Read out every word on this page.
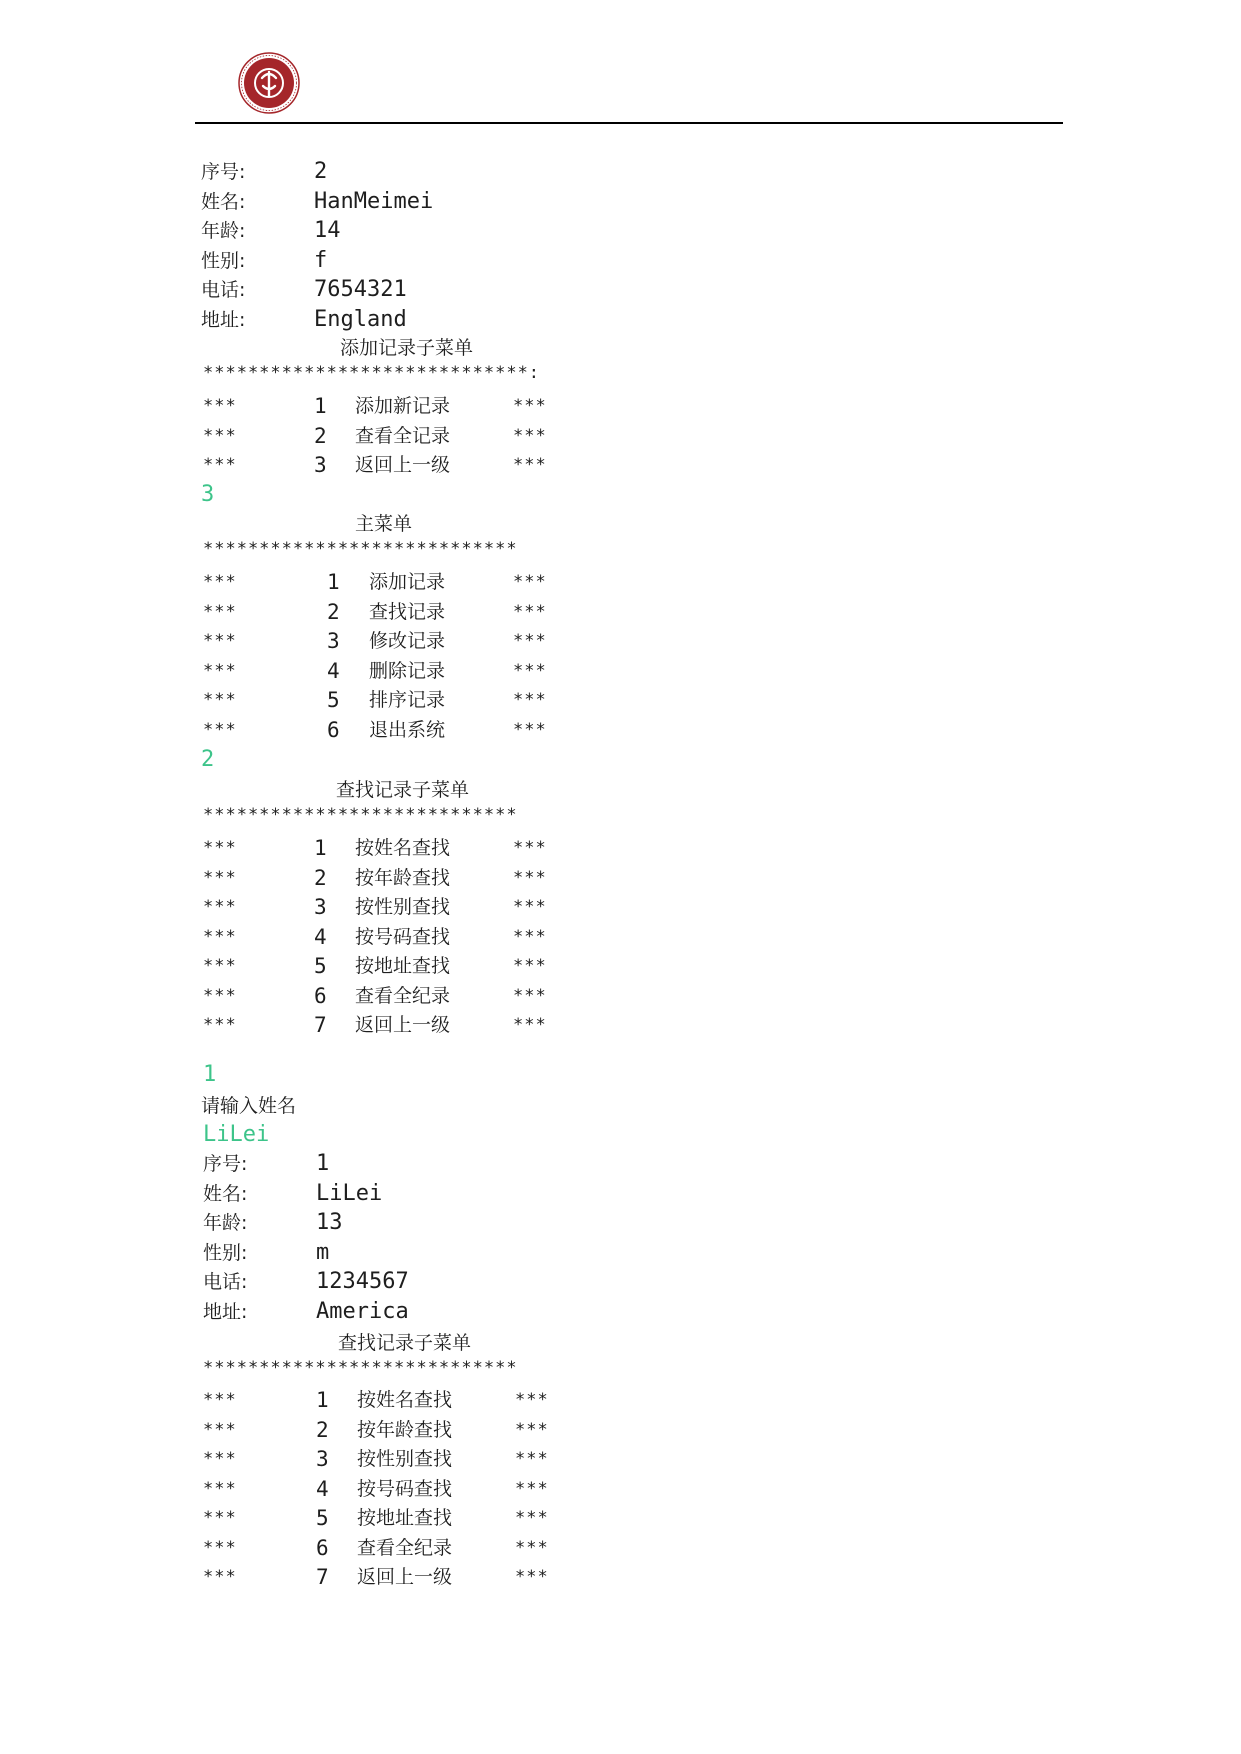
序号:	2
姓名:	HanMeimei
年龄:	14
性别:	f
电话:	7654321
地址:	England
添加记录子菜单
*****************************:
***	1 添加新记录	***
***	2 查看全记录	***
***	3 返回上一级	***
3
主菜单
****************************
***	1 添加记录	***
***	2 查找记录	***
***	3 修改记录	***
***	4 删除记录	***
***	5 排序记录	***
***	6 退出系统	***
2
查找记录子菜单
****************************
***	1 按姓名查找	***
***	2 按年龄查找	***
***	3 按性别查找	***
***	4 按号码查找	***
***	5 按地址查找	***
***	6 查看全纪录	***
***	7 返回上一级	***
1
请输入姓名
LiLei
序号:	1
姓名:	LiLei
年龄:	13
性别:	m
电话:	1234567
地址:	America
查找记录子菜单
****************************
***	1 按姓名查找	***
***	2 按年龄查找	***
***	3 按性别查找	***
***	4 按号码查找	***
***	5 按地址查找	***
***	6 查看全纪录	***
***	7 返回上一级	***
